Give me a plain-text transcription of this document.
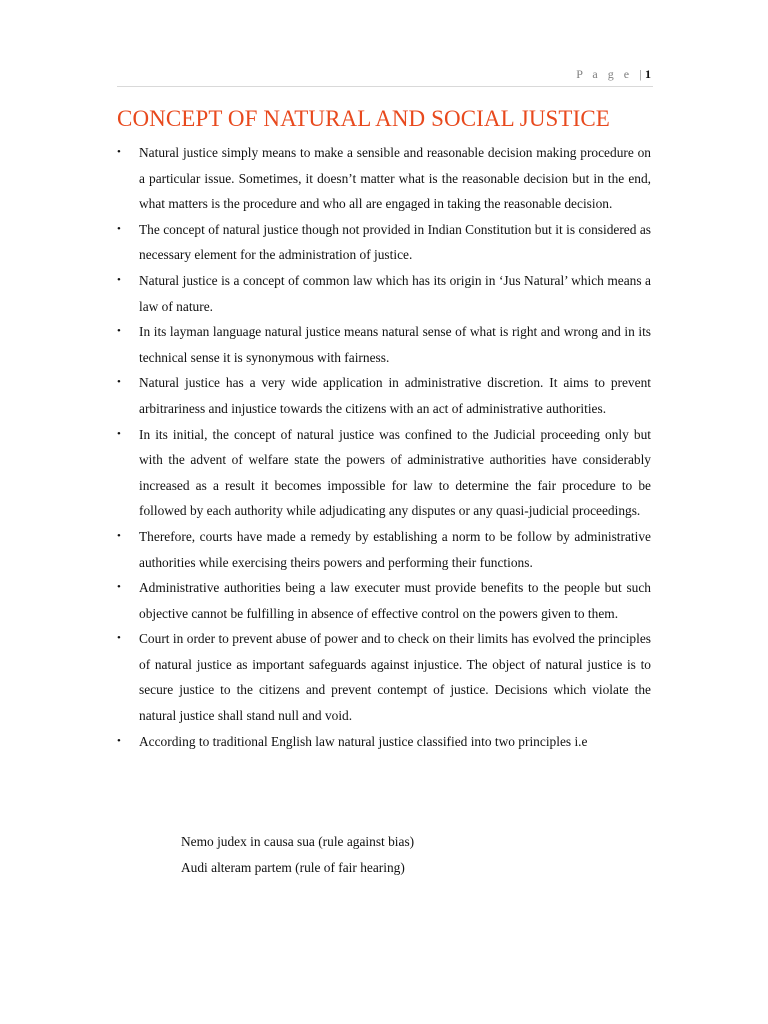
P a g e |1
CONCEPT OF NATURAL AND SOCIAL JUSTICE
• Natural justice simply means to make a sensible and reasonable decision making procedure on a particular issue. Sometimes, it doesn’t matter what is the reasonable decision but in the end, what matters is the procedure and who all are engaged in taking the reasonable decision.
• The concept of natural justice though not provided in Indian Constitution but it is considered as necessary element for the administration of justice.
• Natural justice is a concept of common law which has its origin in ‘Jus Natural’ which means a law of nature.
• In its layman language natural justice means natural sense of what is right and wrong and in its technical sense it is synonymous with fairness.
• Natural justice has a very wide application in administrative discretion. It aims to prevent arbitrariness and injustice towards the citizens with an act of administrative authorities.
• In its initial, the concept of natural justice was confined to the Judicial proceeding only but with the advent of welfare state the powers of administrative authorities have considerably increased as a result it becomes impossible for law to determine the fair procedure to be followed by each authority while adjudicating any disputes or any quasi-judicial proceedings.
• Therefore, courts have made a remedy by establishing a norm to be follow by administrative authorities while exercising theirs powers and performing their functions.
• Administrative authorities being a law executer must provide benefits to the people but such objective cannot be fulfilling in absence of effective control on the powers given to them.
• Court in order to prevent abuse of power and to check on their limits has evolved the principles of natural justice as important safeguards against injustice. The object of natural justice is to secure justice to the citizens and prevent contempt of justice. Decisions which violate the natural justice shall stand null and void.
• According to traditional English law natural justice classified into two principles i.e
Nemo judex in causa sua (rule against bias)
Audi alteram partem (rule of fair hearing)
